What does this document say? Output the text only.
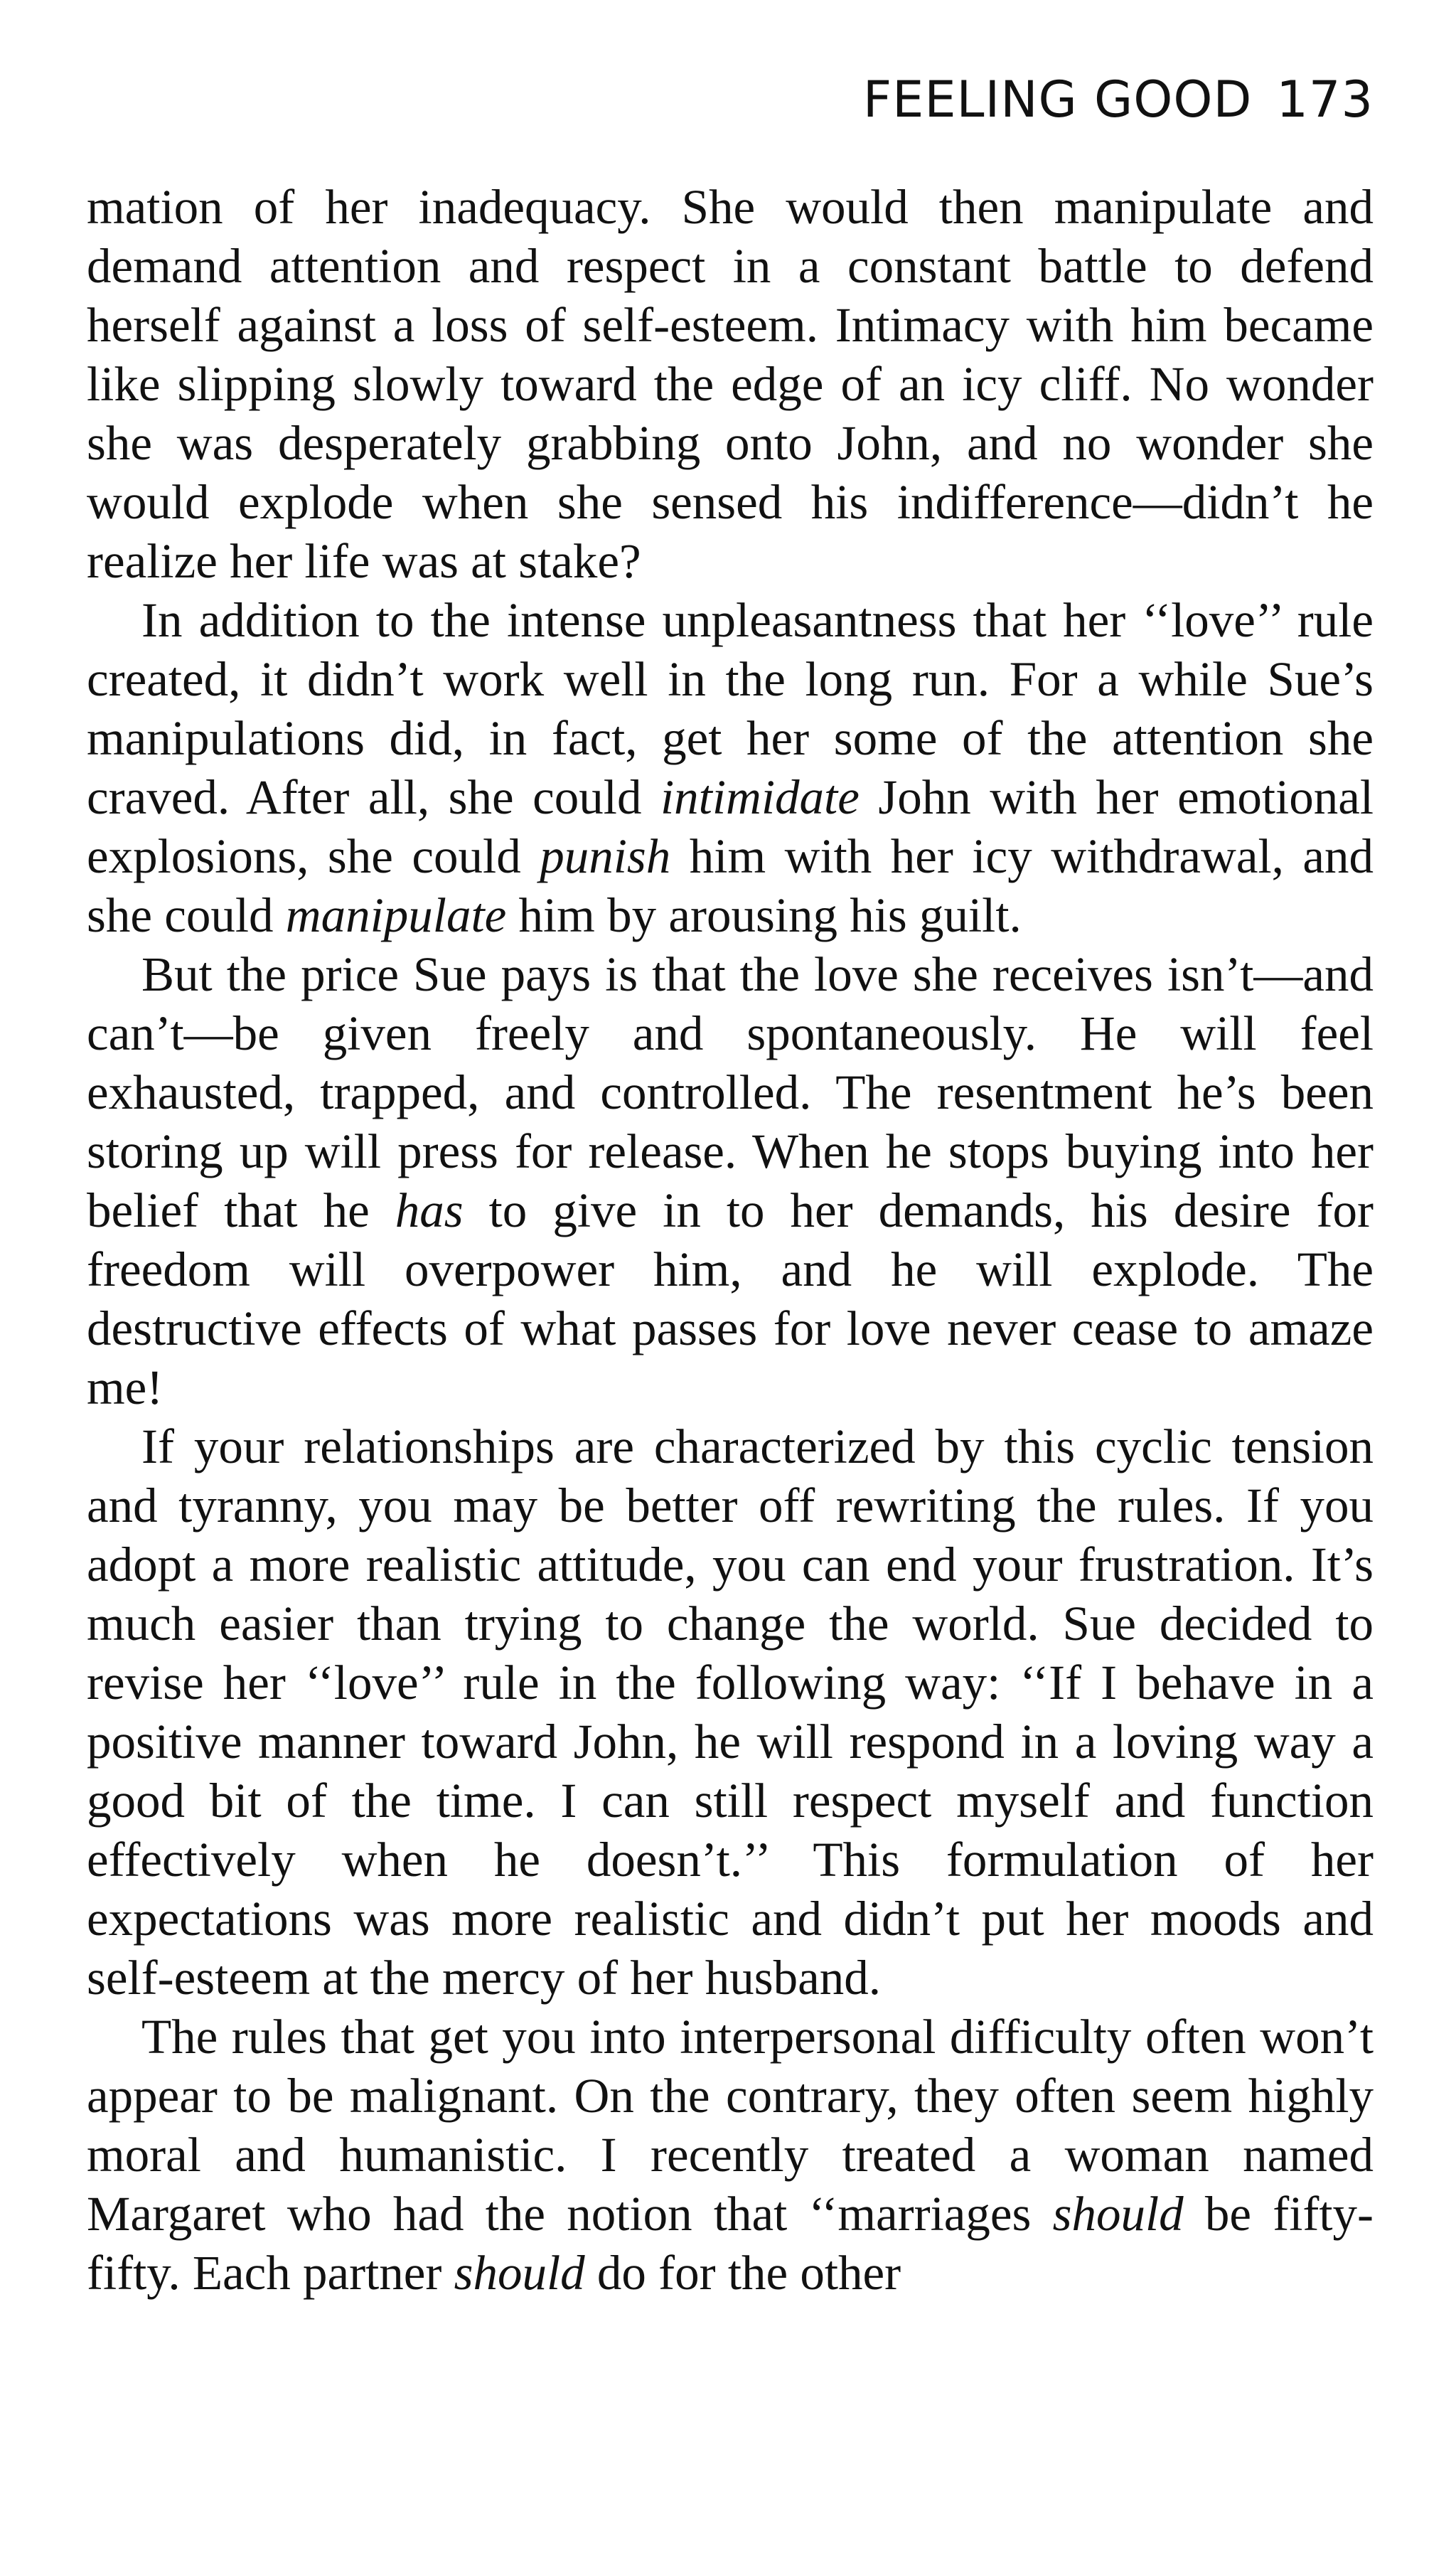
FEELING GOOD 173

mation of her inadequacy. She would then manipulate and demand attention and respect in a constant battle to defend herself against a loss of self-esteem. Intimacy with him became like slipping slowly toward the edge of an icy cliff. No wonder she was desperately grabbing onto John, and no wonder she would explode when she sensed his indifference—didn’t he realize her life was at stake?

In addition to the intense unpleasantness that her ‘‘love’’ rule created, it didn’t work well in the long run. For a while Sue’s manipulations did, in fact, get her some of the attention she craved. After all, she could intimidate John with her emotional explosions, she could punish him with her icy withdrawal, and she could manipulate him by arousing his guilt.

But the price Sue pays is that the love she receives isn’t—and can’t—be given freely and spontaneously. He will feel exhausted, trapped, and controlled. The resentment he’s been storing up will press for release. When he stops buying into her belief that he has to give in to her demands, his desire for freedom will overpower him, and he will explode. The destructive effects of what passes for love never cease to amaze me!

If your relationships are characterized by this cyclic tension and tyranny, you may be better off rewriting the rules. If you adopt a more realistic attitude, you can end your frustration. It’s much easier than trying to change the world. Sue decided to revise her ‘‘love’’ rule in the following way: ‘‘If I behave in a positive manner toward John, he will respond in a loving way a good bit of the time. I can still respect myself and function effectively when he doesn’t.’’ This formulation of her expectations was more realistic and didn’t put her moods and self-esteem at the mercy of her husband.

The rules that get you into interpersonal difficulty often won’t appear to be malignant. On the contrary, they often seem highly moral and humanistic. I recently treated a woman named Margaret who had the notion that ‘‘marriages should be fifty-fifty. Each partner should do for the other
